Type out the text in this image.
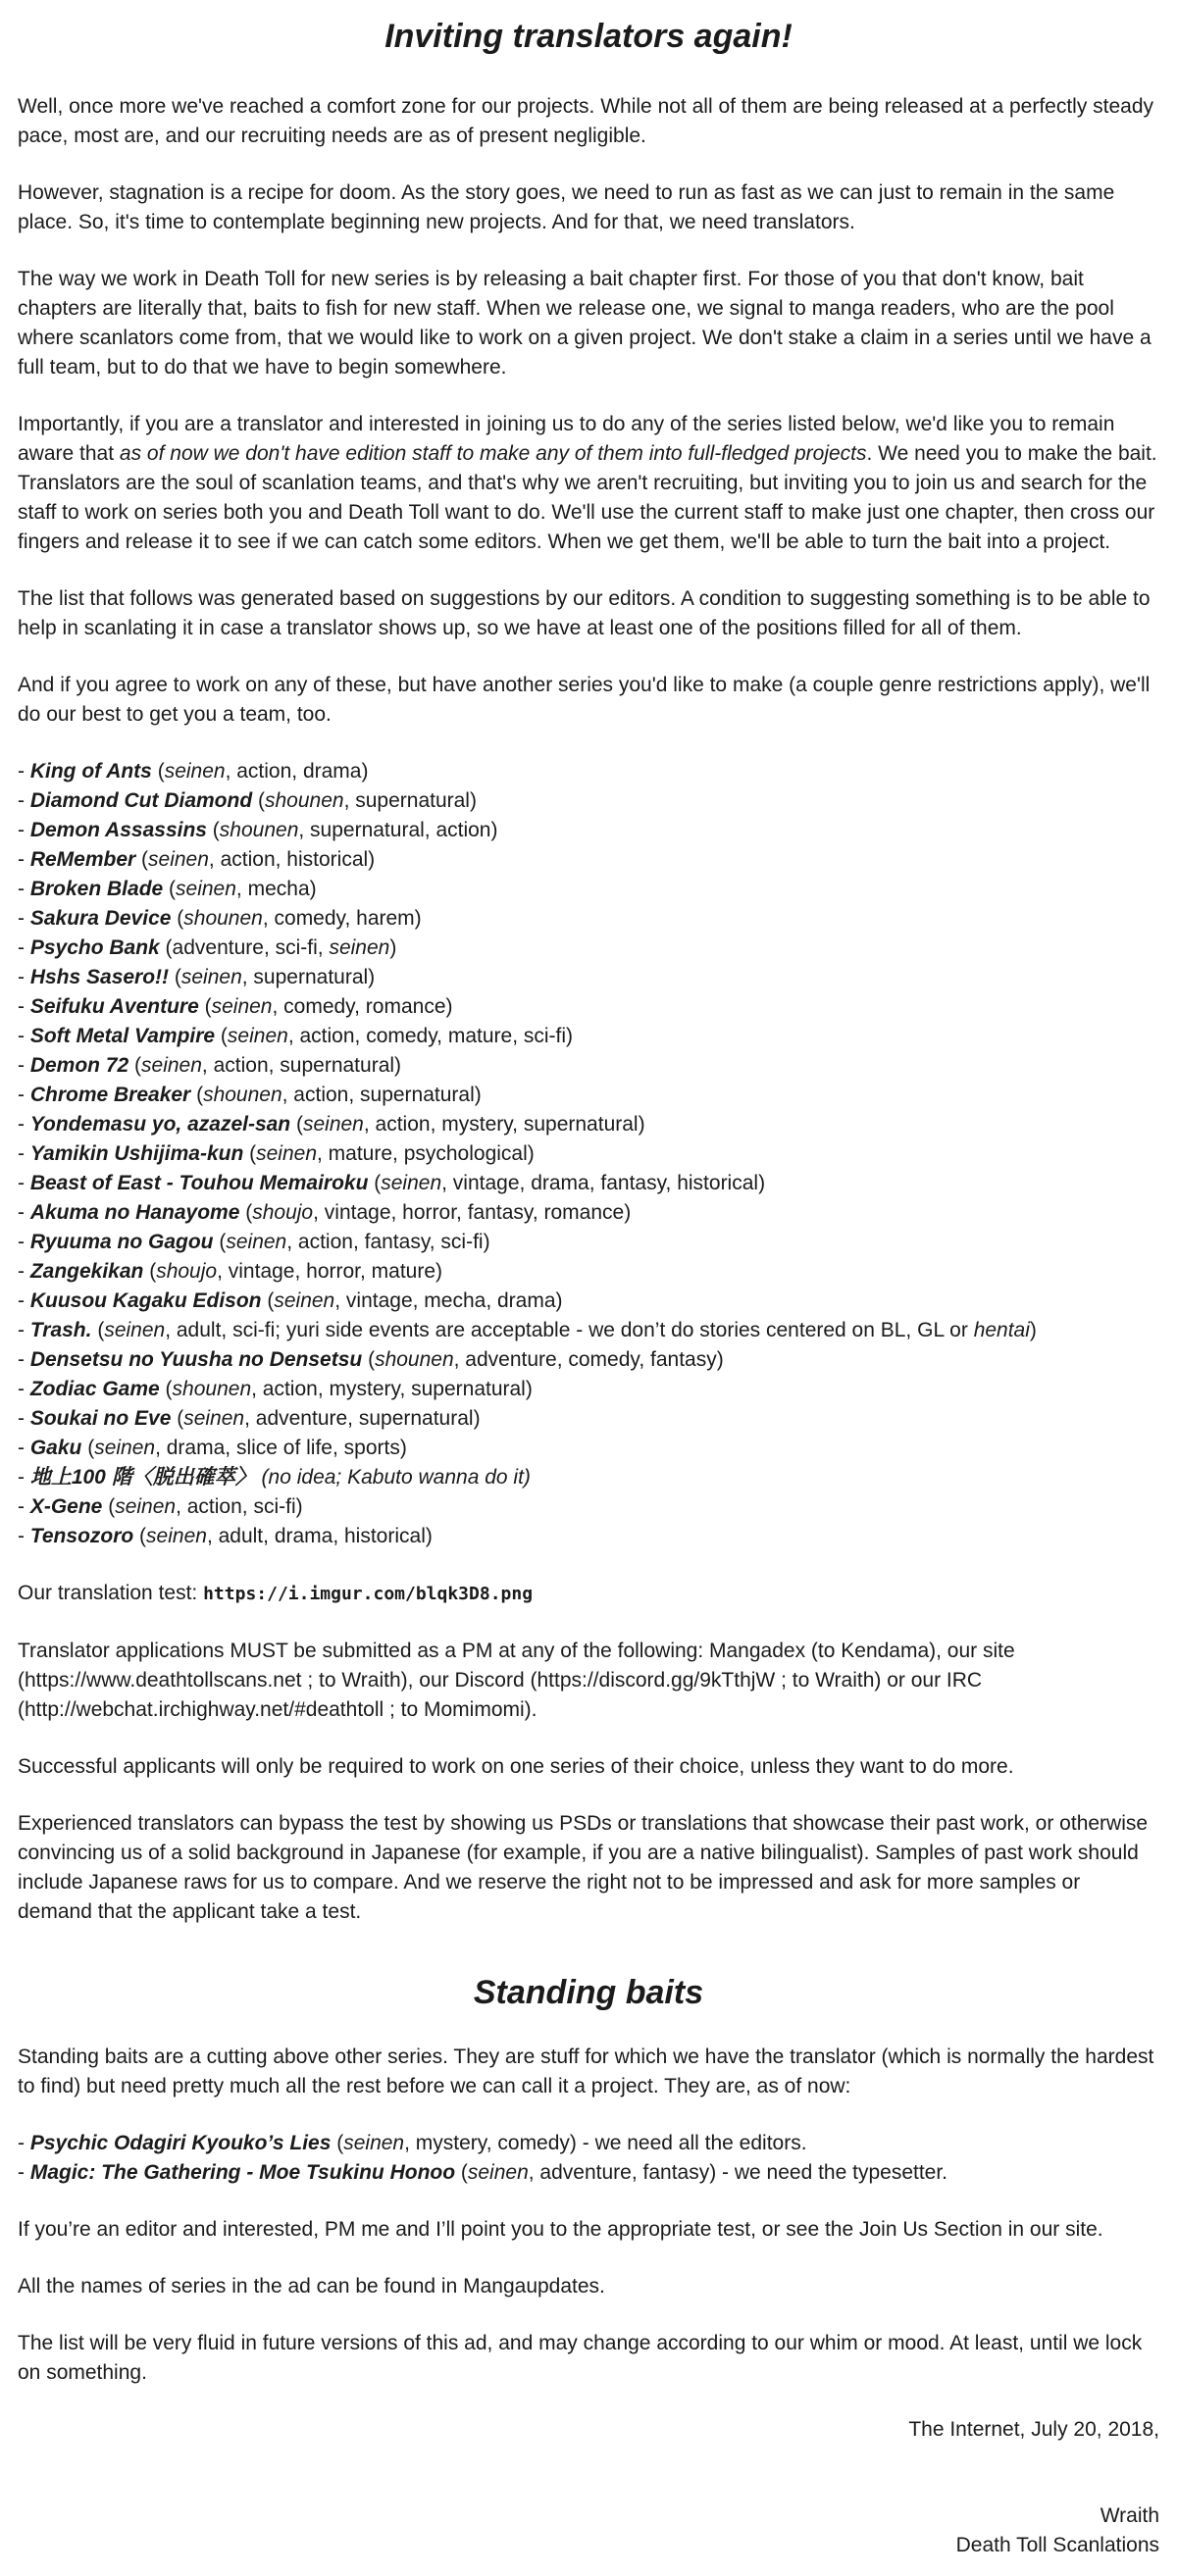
Inviting translators again!

Well, once more we've reached a comfort zone for our projects. While not all of them are being released at a perfectly steady pace, most are, and our recruiting needs are as of present negligible.

However, stagnation is a recipe for doom. As the story goes, we need to run as fast as we can just to remain in the same place. So, it's time to contemplate beginning new projects. And for that, we need translators.

The way we work in Death Toll for new series is by releasing a bait chapter first. For those of you that don't know, bait chapters are literally that, baits to fish for new staff. When we release one, we signal to manga readers, who are the pool where scanlators come from, that we would like to work on a given project. We don't stake a claim in a series until we have a full team, but to do that we have to begin somewhere.

Importantly, if you are a translator and interested in joining us to do any of the series listed below, we'd like you to remain aware that as of now we don't have edition staff to make any of them into full-fledged projects. We need you to make the bait. Translators are the soul of scanlation teams, and that's why we aren't recruiting, but inviting you to join us and search for the staff to work on series both you and Death Toll want to do. We'll use the current staff to make just one chapter, then cross our fingers and release it to see if we can catch some editors. When we get them, we'll be able to turn the bait into a project.

The list that follows was generated based on suggestions by our editors. A condition to suggesting something is to be able to help in scanlating it in case a translator shows up, so we have at least one of the positions filled for all of them.

And if you agree to work on any of these, but have another series you'd like to make (a couple genre restrictions apply), we'll do our best to get you a team, too.

- King of Ants (seinen, action, drama)
- Diamond Cut Diamond (shounen, supernatural)
- Demon Assassins (shounen, supernatural, action)
- ReMember (seinen, action, historical)
- Broken Blade (seinen, mecha)
- Sakura Device (shounen, comedy, harem)
- Psycho Bank (adventure, sci-fi, seinen)
- Hshs Sasero!! (seinen, supernatural)
- Seifuku Aventure (seinen, comedy, romance)
- Soft Metal Vampire (seinen, action, comedy, mature, sci-fi)
- Demon 72 (seinen, action, supernatural)
- Chrome Breaker (shounen, action, supernatural)
- Yondemasu yo, azazel-san (seinen, action, mystery, supernatural)
- Yamikin Ushijima-kun (seinen, mature, psychological)
- Beast of East - Touhou Memairoku (seinen, vintage, drama, fantasy, historical)
- Akuma no Hanayome (shoujo, vintage, horror, fantasy, romance)
- Ryuuma no Gagou (seinen, action, fantasy, sci-fi)
- Zangekikan (shoujo, vintage, horror, mature)
- Kuusou Kagaku Edison (seinen, vintage, mecha, drama)
- Trash. (seinen, adult, sci-fi; yuri side events are acceptable - we don’t do stories centered on BL, GL or hentai)
- Densetsu no Yuusha no Densetsu (shounen, adventure, comedy, fantasy)
- Zodiac Game (shounen, action, mystery, supernatural)
- Soukai no Eve (seinen, adventure, supernatural)
- Gaku (seinen, drama, slice of life, sports)
- 地上100 階〈脱出確萃〉 (no idea; Kabuto wanna do it)
- X-Gene (seinen, action, sci-fi)
- Tensozoro (seinen, adult, drama, historical)

Our translation test: https://i.imgur.com/blqk3D8.png

Translator applications MUST be submitted as a PM at any of the following: Mangadex (to Kendama), our site (https://www.deathtollscans.net ; to Wraith), our Discord (https://discord.gg/9kTthjW ; to Wraith) or our IRC (http://webchat.irchighway.net/#deathtoll ; to Momimomi).

Successful applicants will only be required to work on one series of their choice, unless they want to do more.

Experienced translators can bypass the test by showing us PSDs or translations that showcase their past work, or otherwise convincing us of a solid background in Japanese (for example, if you are a native bilingualist). Samples of past work should include Japanese raws for us to compare. And we reserve the right not to be impressed and ask for more samples or demand that the applicant take a test.

Standing baits

Standing baits are a cutting above other series. They are stuff for which we have the translator (which is normally the hardest to find) but need pretty much all the rest before we can call it a project. They are, as of now:

- Psychic Odagiri Kyouko’s Lies (seinen, mystery, comedy) - we need all the editors.
- Magic: The Gathering - Moe Tsukinu Honoo (seinen, adventure, fantasy) - we need the typesetter.

If you’re an editor and interested, PM me and I’ll point you to the appropriate test, or see the Join Us Section in our site.

All the names of series in the ad can be found in Mangaupdates.

The list will be very fluid in future versions of this ad, and may change according to our whim or mood. At least, until we lock on something.

The Internet, July 20, 2018,

Wraith

Death Toll Scanlations
